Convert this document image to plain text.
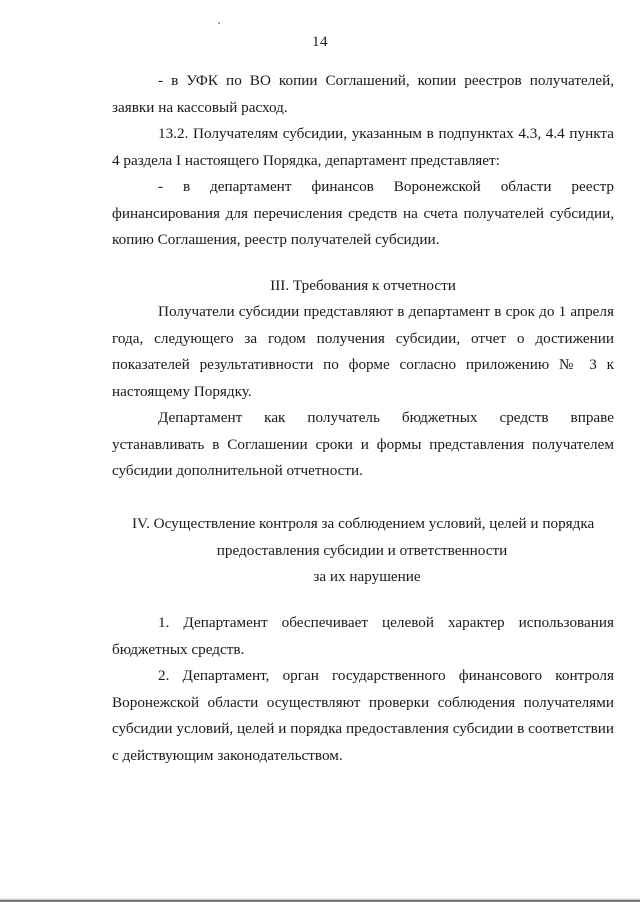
14

- в УФК по ВО копии Соглашений, копии реестров получателей, заявки на кассовый расход.

13.2. Получателям субсидии, указанным в подпунктах 4.3, 4.4 пункта 4 раздела I настоящего Порядка, департамент представляет:

- в департамент финансов Воронежской области реестр финансирования для перечисления средств на счета получателей субсидии, копию Соглашения, реестр получателей субсидии.

III. Требования к отчетности

Получатели субсидии представляют в департамент в срок до 1 апреля года, следующего за годом получения субсидии, отчет о достижении показателей результативности по форме согласно приложению № 3 к настоящему Порядку.

Департамент как получатель бюджетных средств вправе устанавливать в Соглашении сроки и формы представления получателем субсидии дополнительной отчетности.

IV. Осуществление контроля за соблюдением условий, целей и порядка
предоставления субсидии и ответственности
за их нарушение

1. Департамент обеспечивает целевой характер использования бюджетных средств.

2. Департамент, орган государственного финансового контроля Воронежской области осуществляют проверки соблюдения получателями субсидии условий, целей и порядка предоставления субсидии в соответствии с действующим законодательством.
